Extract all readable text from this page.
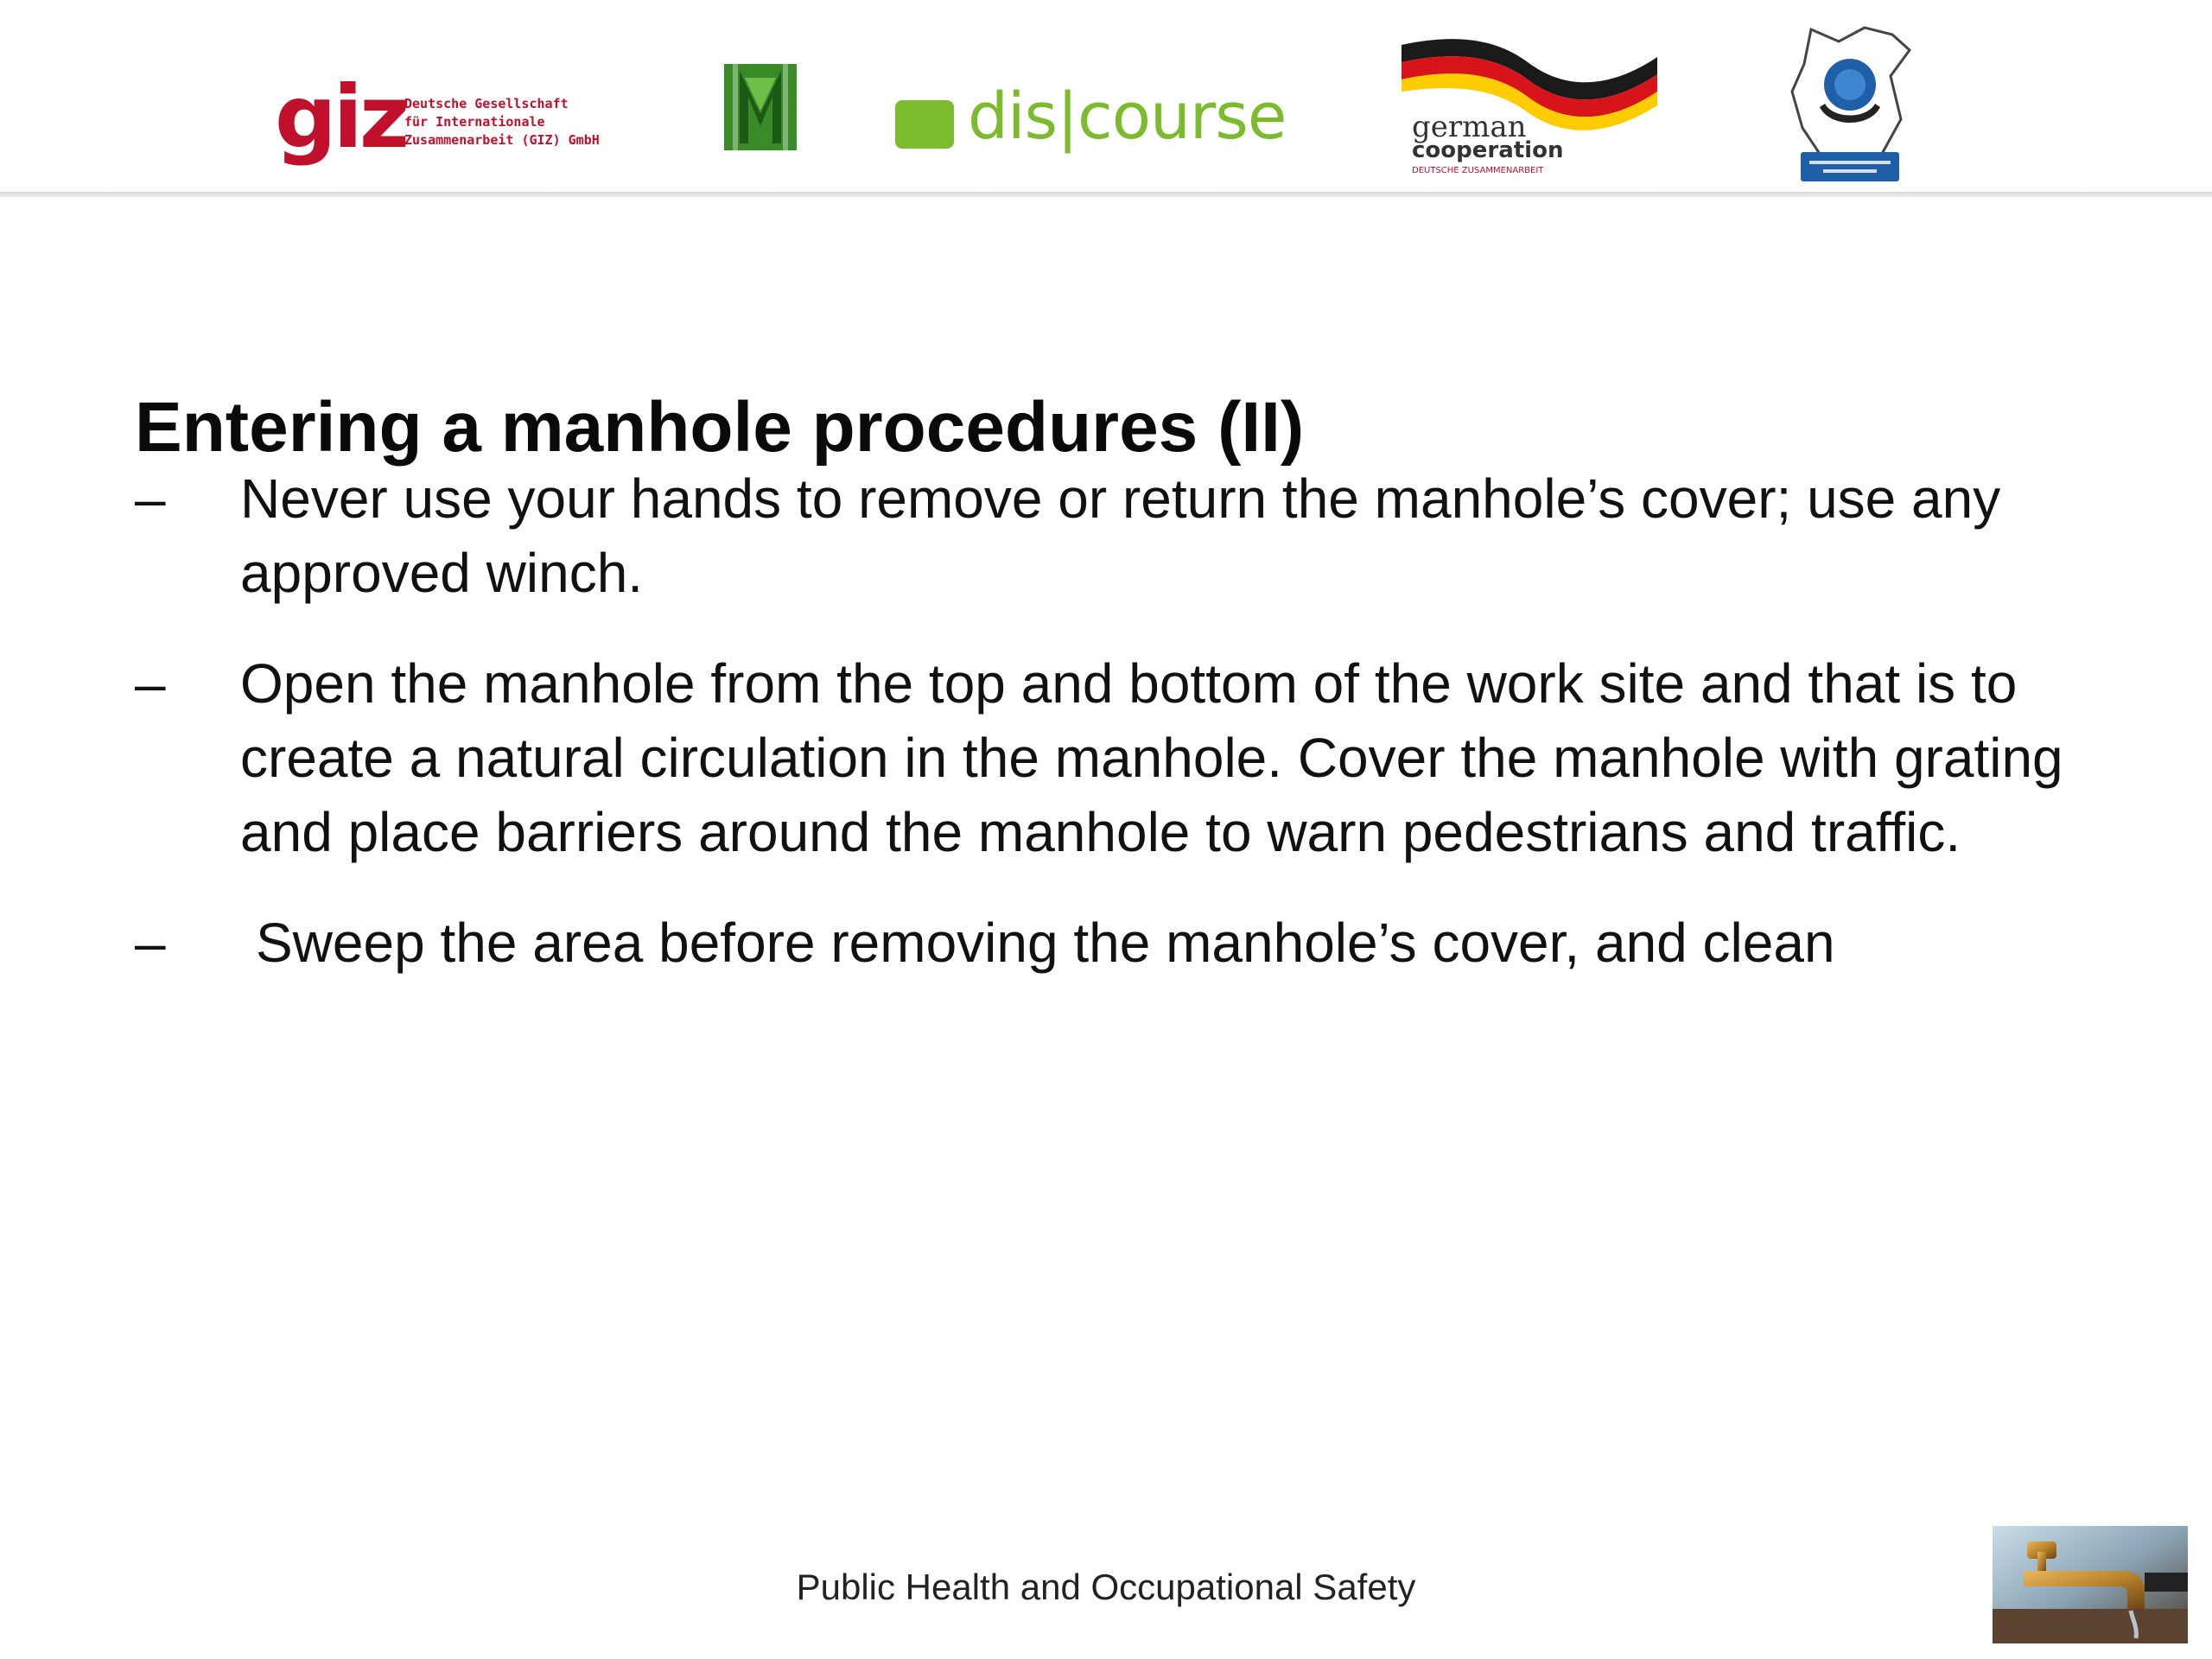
giz
Deutsche Gesellschaft
für Internationale
Zusammenarbeit (GIZ) GmbH	dis|course	german
cooperation
DEUTSCHE ZUSAMMENARBEIT
Entering a manhole procedures (II)
–	Never use your hands to remove or return the manhole’s cover; use any approved winch.
–	Open the manhole from the top and bottom of the work site and that is to create a natural circulation in the manhole. Cover the manhole with grating and place barriers around the manhole to warn pedestrians and traffic.
–	Sweep the area before removing the manhole’s cover, and clean
Public Health and Occupational Safety
